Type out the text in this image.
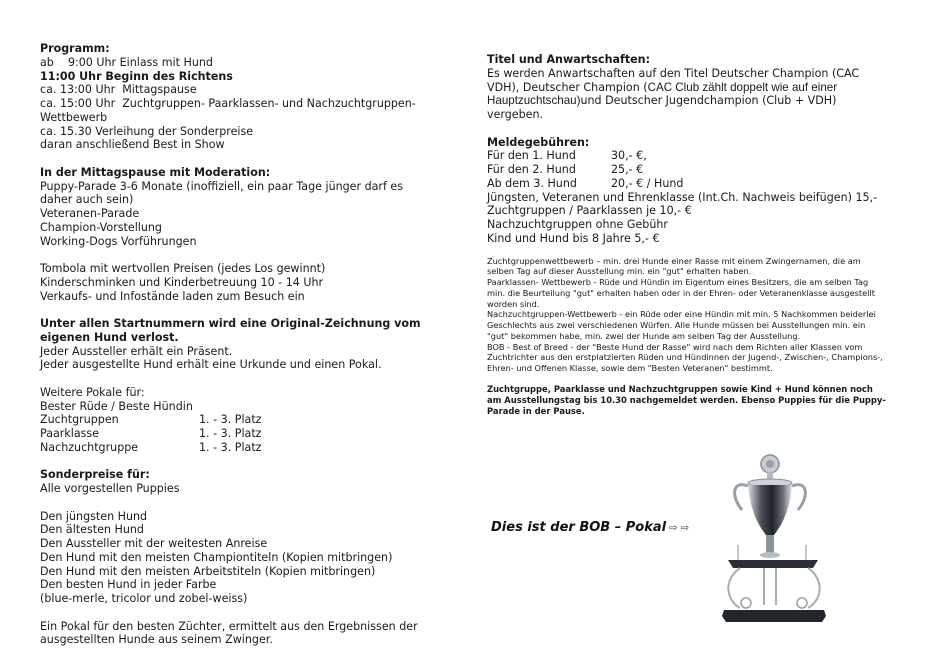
Programm:
ab    9:00 Uhr Einlass mit Hund
11:00 Uhr Beginn des Richtens
ca. 13:00 Uhr  Mittagspause
ca. 15:00 Uhr  Zuchtgruppen- Paarklassen- und Nachzuchtgruppen-
Wettbewerb
ca. 15.30 Verleihung der Sonderpreise
daran anschließend Best in Show
In der Mittagspause mit Moderation:
Puppy-Parade 3-6 Monate (inoffiziell, ein paar Tage jünger darf es
daher auch sein)
Veteranen-Parade
Champion-Vorstellung
Working-Dogs Vorführungen
Tombola mit wertvollen Preisen (jedes Los gewinnt)
Kinderschminken und Kinderbetreuung 10 - 14 Uhr
Verkaufs- und Infostände laden zum Besuch ein
Unter allen Startnummern wird eine Original-Zeichnung vom
eigenen Hund verlost.
Jeder Aussteller erhält ein Präsent.
Jeder ausgestellte Hund erhält eine Urkunde und einen Pokal.
Weitere Pokale für:
Bester Rüde / Beste Hündin
Zuchtgruppen	1. - 3. Platz
Paarklasse	1. - 3. Platz
Nachzuchtgruppe	1. - 3. Platz
Sonderpreise für:
Alle vorgestellen Puppies
Den jüngsten Hund
Den ältesten Hund
Den Aussteller mit der weitesten Anreise
Den Hund mit den meisten Championtiteln (Kopien mitbringen)
Den Hund mit den meisten Arbeitstiteln (Kopien mitbringen)
Den besten Hund in jeder Farbe
(blue-merle, tricolor und zobel-weiss)
Ein Pokal für den besten Züchter, ermittelt aus den Ergebnissen der
ausgestellten Hunde aus seinem Zwinger.
Titel und Anwartschaften:
Es werden Anwartschaften auf den Titel Deutscher Champion (CAC
VDH), Deutscher Champion (CAC Club zählt doppelt wie auf einer
Hauptzuchtschau)und Deutscher Jugendchampion (Club + VDH)
vergeben.
Meldegebühren:
Für den 1. Hund	30,- €,
Für den 2. Hund	25,- €
Ab dem 3. Hund	20,- € / Hund
Jüngsten, Veteranen und Ehrenklasse (Int.Ch. Nachweis beifügen) 15,-
Zuchtgruppen / Paarklassen je 10,- €
Nachzuchtgruppen ohne Gebühr
Kind und Hund bis 8 Jahre 5,- €
Zuchtgruppenwettbewerb – min. drei Hunde einer Rasse mit einem Zwingernamen, die am selben Tag auf dieser Ausstellung min. ein "gut" erhalten haben.
Paarklassen- Wettbewerb - Rüde und Hündin im Eigentum eines Besitzers, die am selben Tag min. die Beurteilung "gut" erhalten haben oder in der Ehren- oder Veteranenklasse ausgestellt worden sind.
Nachzuchtgruppen-Wettbewerb - ein Rüde oder eine Hündin mit min. 5 Nachkommen beiderlei Geschlechts aus zwei verschiedenen Würfen. Alle Hunde müssen bei Ausstellungen min. ein "gut" bekommen habe, min. zwei der Hunde am selben Tag der Ausstellung.
BOB - Best of Breed - der "Beste Hund der Rasse" wird nach dem Richten aller Klassen vom Zuchtrichter aus den erstplatzierten Rüden und Hündinnen der Jugend-, Zwischen-, Champions-, Ehren- und Offenen Klasse, sowie dem "Besten Veteranen" bestimmt.
Zuchtgruppe, Paarklasse und Nachzuchtgruppen sowie Kind + Hund können noch am Ausstellungstag bis 10.30 nachgemeldet werden. Ebenso Puppies für die Puppy-Parade in der Pause.
Dies ist der BOB – Pokal ⇨ ⇨
